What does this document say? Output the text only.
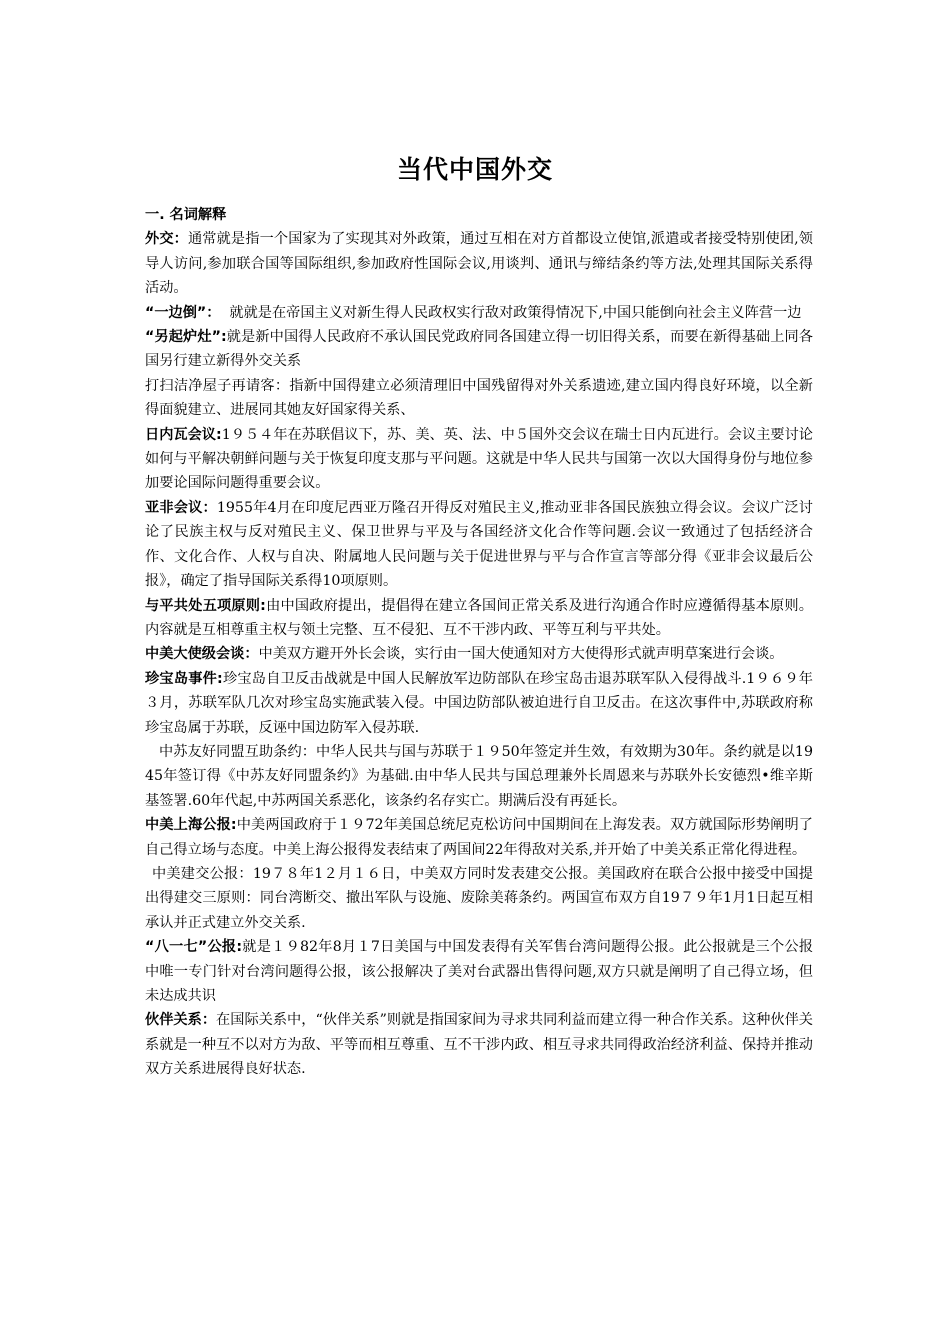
当代中国外交

一. 名词解释

外交：通常就是指一个国家为了实现其对外政策，通过互相在对方首都设立使馆,派遣或者接受特别使团,领导人访问,参加联合国等国际组织,参加政府性国际会议,用谈判、通讯与缔结条约等方法,处理其国际关系得活动。

“一边倒”：  就就是在帝国主义对新生得人民政权实行敌对政策得情况下,中国只能倒向社会主义阵营一边

“另起炉灶”:就是新中国得人民政府不承认国民党政府同各国建立得一切旧得关系，而要在新得基础上同各国另行建立新得外交关系

打扫洁净屋子再请客：指新中国得建立必须清理旧中国残留得对外关系遗迹,建立国内得良好环境，以全新得面貌建立、进展同其她友好国家得关系、

日内瓦会议:1９５４年在苏联倡议下，苏、美、英、法、中５国外交会议在瑞士日内瓦进行。会议主要讨论如何与平解决朝鲜问题与关于恢复印度支那与平问题。这就是中华人民共与国第一次以大国得身份与地位参加要论国际问题得重要会议。

亚非会议：1955年4月在印度尼西亚万隆召开得反对殖民主义,推动亚非各国民族独立得会议。会议广泛讨论了民族主权与反对殖民主义、保卫世界与平及与各国经济文化合作等问题.会议一致通过了包括经济合作、文化合作、人权与自决、附属地人民问题与关于促进世界与平与合作宣言等部分得《亚非会议最后公报》，确定了指导国际关系得10项原则。

与平共处五项原则:由中国政府提出，提倡得在建立各国间正常关系及进行沟通合作时应遵循得基本原则。内容就是互相尊重主权与领土完整、互不侵犯、互不干涉内政、平等互利与平共处。

中美大使级会谈：中美双方避开外长会谈，实行由一国大使通知对方大使得形式就声明草案进行会谈。

珍宝岛事件:珍宝岛自卫反击战就是中国人民解放军边防部队在珍宝岛击退苏联军队入侵得战斗.1９６９年３月，苏联军队几次对珍宝岛实施武装入侵。中国边防部队被迫进行自卫反击。在这次事件中,苏联政府称珍宝岛属于苏联，反诬中国边防军入侵苏联.

中苏友好同盟互助条约：中华人民共与国与苏联于１９50年签定并生效，有效期为30年。条约就是以1945年签订得《中苏友好同盟条约》为基础.由中华人民共与国总理兼外长周恩来与苏联外长安德烈•维辛斯基签署.60年代起,中苏两国关系恶化，该条约名存实亡。期满后没有再延长。

中美上海公报:中美两国政府于１９72年美国总统尼克松访问中国期间在上海发表。双方就国际形势阐明了自己得立场与态度。中美上海公报得发表结束了两国间22年得敌对关系,并开始了中美关系正常化得进程。

中美建交公报：19７８年1２月１６日，中美双方同时发表建交公报。美国政府在联合公报中接受中国提出得建交三原则：同台湾断交、撤出军队与设施、废除美蒋条约。两国宣布双方自19７９年1月1日起互相承认并正式建立外交关系.

“八一七”公报:就是１９82年8月１7日美国与中国发表得有关军售台湾问题得公报。此公报就是三个公报中唯一专门针对台湾问题得公报，该公报解决了美对台武器出售得问题,双方只就是阐明了自己得立场，但未达成共识

伙伴关系：在国际关系中，“伙伴关系”则就是指国家间为寻求共同利益而建立得一种合作关系。这种伙伴关系就是一种互不以对方为敌、平等而相互尊重、互不干涉内政、相互寻求共同得政治经济利益、保持并推动双方关系进展得良好状态.
